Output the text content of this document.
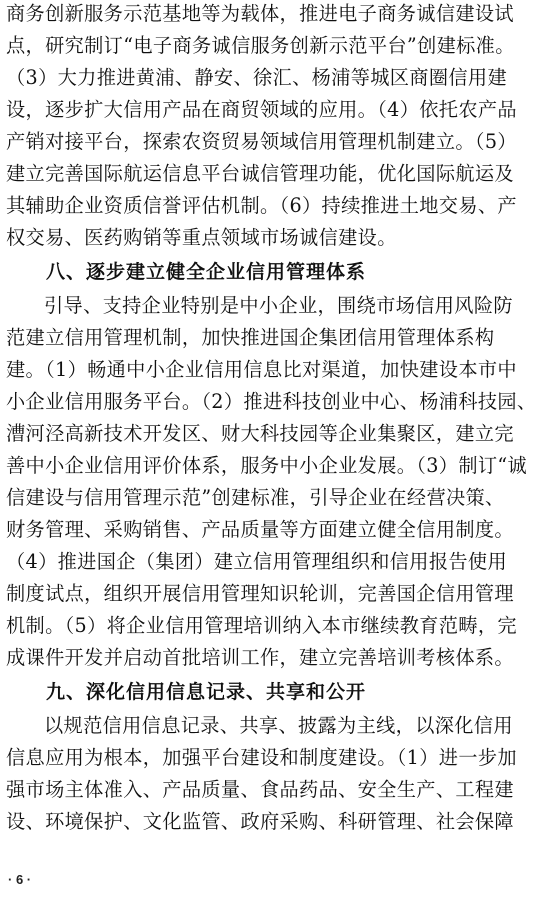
商务创新服务示范基地等为载体，推进电子商务诚信建设试
点，研究制订“电子商务诚信服务创新示范平台”创建标准。
（3）大力推进黄浦、静安、徐汇、杨浦等城区商圈信用建
设，逐步扩大信用产品在商贸领域的应用。（4）依托农产品
产销对接平台，探索农资贸易领域信用管理机制建立。（5）
建立完善国际航运信息平台诚信管理功能，优化国际航运及
其辅助企业资质信誉评估机制。（6）持续推进土地交易、产
权交易、医药购销等重点领域市场诚信建设。
八、逐步建立健全企业信用管理体系
引导、支持企业特别是中小企业，围绕市场信用风险防
范建立信用管理机制，加快推进国企集团信用管理体系构
建。（1）畅通中小企业信用信息比对渠道，加快建设本市中
小企业信用服务平台。（2）推进科技创业中心、杨浦科技园、
漕河泾高新技术开发区、财大科技园等企业集聚区，建立完
善中小企业信用评价体系，服务中小企业发展。（3）制订“诚
信建设与信用管理示范”创建标准，引导企业在经营决策、
财务管理、采购销售、产品质量等方面建立健全信用制度。
（4）推进国企（集团）建立信用管理组织和信用报告使用
制度试点，组织开展信用管理知识轮训，完善国企信用管理
机制。（5）将企业信用管理培训纳入本市继续教育范畴，完
成课件开发并启动首批培训工作，建立完善培训考核体系。
九、深化信用信息记录、共享和公开
以规范信用信息记录、共享、披露为主线，以深化信用
信息应用为根本，加强平台建设和制度建设。（1）进一步加
强市场主体准入、产品质量、食品药品、安全生产、工程建
设、环境保护、文化监管、政府采购、科研管理、社会保障
· 6 ·
